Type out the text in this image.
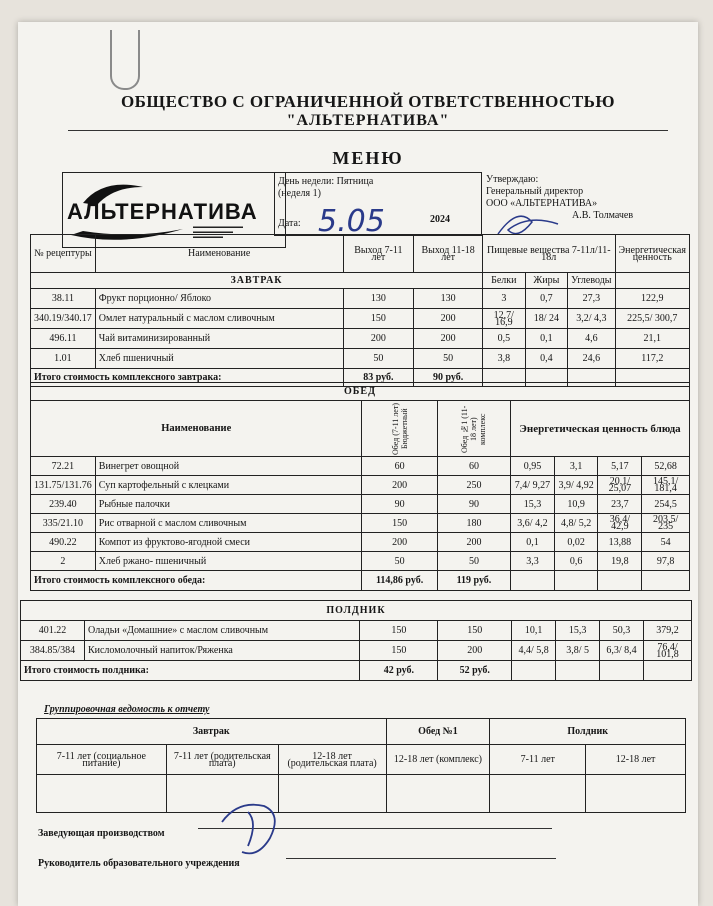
ОБЩЕСТВО С ОГРАНИЧЕННОЙ ОТВЕТСТВЕННОСТЬЮ
"АЛЬТЕРНАТИВА"
МЕНЮ
АЛЬТЕРНАТИВА
▬▬▬▬▬▬▬▬▬▬
▬▬▬▬▬▬▬▬
▬▬▬▬▬▬
День недели: Пятница
(неделя 1)
Дата: 5.05	2024
Утверждаю:
Генеральный директор
ООО «АЛЬТЕРНАТИВА»
А.В. Толмачев
№ рецептуры	Наименование	Выход 7-11 лет	Выход 11-18 лет	Пищевые вещества 7-11л/11-18л			Энергетическая ценность
ЗАВТРАК				Белки	Жиры	Углеводы	
38.11	Фрукт порционно/ Яблоко	130	130	3	0,7	27,3	122,9
340.19/340.17	Омлет натуральный с маслом сливочным	150	200	12,7/ 16,9	18/ 24	3,2/ 4,3	225,5/ 300,7
496.11	Чай витаминизированный	200	200	0,5	0,1	4,6	21,1
1.01	Хлеб пшеничный	50	50	3,8	0,4	24,6	117,2
Итого стоимость комплексного завтрака:		83 руб.	90 руб.				
ОБЕД							
Наименование		Обед (7-11 лет) Бюджетный	Обед №1 (11-18 лет) комплекс	Энергетическая ценность блюда			
72.21	Винегрет овощной	60	60	0,95	3,1	5,17	52,68
131.75/131.76	Суп картофельный с клецками	200	250	7,4/ 9,27	3,9/ 4,92	20,1/ 25,07	145,1/ 181,4
239.40	Рыбные палочки	90	90	15,3	10,9	23,7	254,5
335/21.10	Рис отварной с маслом сливочным	150	180	3,6/ 4,2	4,8/ 5,2	36,4/ 42,9	203,5/ 235
490.22	Компот из фруктово-ягодной смеси	200	200	0,1	0,02	13,88	54
2	Хлеб ржано- пшеничный	50	50	3,3	0,6	19,8	97,8
Итого стоимость комплексного обеда:		114,86 руб.	119 руб.				
ПОЛДНИК							
401.22	Оладьи «Домашние» с маслом сливочным	150	150	10,1	15,3	50,3	379,2
384.85/384	Кисломолочный напиток/Ряженка	150	200	4,4/ 5,8	3,8/ 5	6,3/ 8,4	76,4/ 101,8
Итого стоимость полдника:		42 руб.	52 руб.				
Группировочная ведомость к отчету
Завтрак			Обед №1	Полдник	
7-11 лет (социальное питание)	7-11 лет (родительская плата)	12-18 лет (родительская плата)	12-18 лет (комплекс)	7-11 лет	12-18 лет

Заведующая производством
Руководитель образовательного учреждения
